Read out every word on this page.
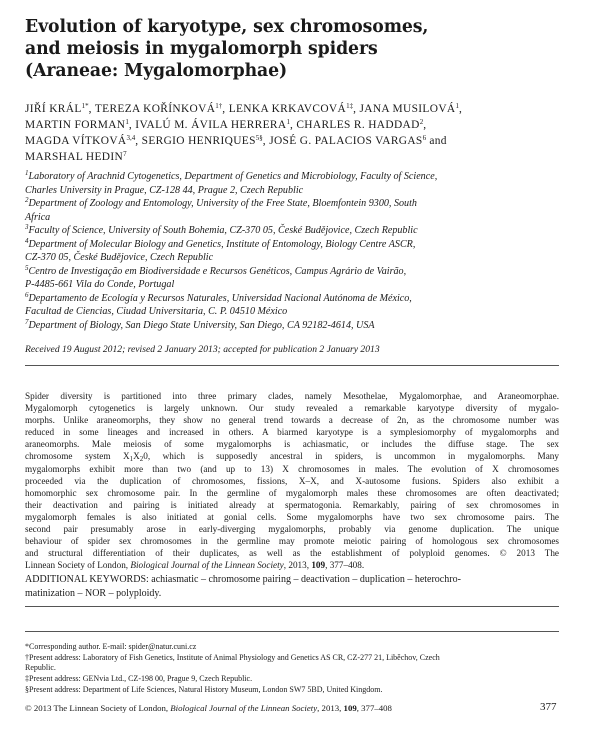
Evolution of karyotype, sex chromosomes,
and meiosis in mygalomorph spiders
(Araneae: Mygalomorphae)
JIŘÍ $KRÁL^{1*}$, TEREZA $KOŘÍNKOVÁ^{1\dagger}$, LENKA $KRKAVCOVÁ^{1\ddagger}$, JANA MUSILOVÁ$^1$,
MARTIN FORMAN$^1$, IVALÚ M. ÁVILA HERRERA$^1$, CHARLES R. HADDAD$^2$,
MAGDA VÍTKOVÁ$^{3,4}$, SERGIO $HENRIQUES^{5\S}$, JOSÉ G. PALACIOS VARGAS$^6$ and
MARSHAL HEDIN$^7$
$^1$Laboratory of Arachnid Cytogenetics, Department of Genetics and Microbiology, Faculty of Science,
Charles University in Prague, CZ-128 44, Prague 2, Czech Republic
$^2$Department of Zoology and Entomology, University of the Free State, Bloemfontein 9300, South
Africa
$^3$Faculty of Science, University of South Bohemia, CZ-370 05, České Budějovice, Czech Republic
$^4$Department of Molecular Biology and Genetics, Institute of Entomology, Biology Centre ASCR,
CZ-370 05, České Budějovice, Czech Republic
$^5$Centro de Investigação em Biodiversidade e Recursos Genéticos, Campus Agrário de Vairão,
P-4485-661 Vila do Conde, Portugal
$^6$Departamento de Ecología y Recursos Naturales, Universidad Nacional Autónoma de México,
Facultad de Ciencias, Ciudad Universitaria, C. P. 04510 México
$^7$Department of Biology, San Diego State University, San Diego, CA 92182-4614, USA
Received 19 August 2012; revised 2 January 2013; accepted for publication 2 January 2013
Spider diversity is partitioned into three primary clades, namely Mesothelae, Mygalomorphae, and Araneomorphae.
Mygalomorph cytogenetics is largely unknown. Our study revealed a remarkable karyotype diversity of mygalo-
morphs. Unlike araneomorphs, they show no general trend towards a decrease of 2n, as the chromosome number was
reduced in some lineages and increased in others. A biarmed karyotype is a symplesiomorphy of mygalomorphs and
araneomorphs. Male meiosis of some mygalomorphs is achiasmatic, or includes the diffuse stage. The sex
chromosome system $X_1X_20$, which is supposedly ancestral in spiders, is uncommon in mygalomorphs. Many
mygalomorphs exhibit more than two (and up to 13) X chromosomes in males. The evolution of X chromosomes
proceeded via the duplication of chromosomes, fissions, X–X, and X-autosome fusions. Spiders also exhibit a
homomorphic sex chromosome pair. In the germline of mygalomorph males these chromosomes are often deactivated;
their deactivation and pairing is initiated already at spermatogonia. Remarkably, pairing of sex chromosomes in
mygalomorph females is also initiated at gonial cells. Some mygalomorphs have two sex chromosome pairs. The
second pair presumably arose in early-diverging mygalomorphs, probably via genome duplication. The unique
behaviour of spider sex chromosomes in the germline may promote meiotic pairing of homologous sex chromosomes
and structural differentiation of their duplicates, as well as the establishment of polyploid genomes. © 2013 The
Linnean Society of London, Biological Journal of the Linnean Society, 2013, 109, 377–408.
ADDITIONAL KEYWORDS: achiasmatic – chromosome pairing – deactivation – duplication – heterochro-
matinization – NOR – polyploidy.
*Corresponding author. E-mail: spider@natur.cuni.cz
†Present address: Laboratory of Fish Genetics, Institute of Animal Physiology and Genetics AS CR, CZ-277 21, Liběchov, Czech
Republic.
‡Present address: GENvia Ltd., CZ-198 00, Prague 9, Czech Republic.
§Present address: Department of Life Sciences, Natural History Museum, London SW7 5BD, United Kingdom.
© 2013 The Linnean Society of London, Biological Journal of the Linnean Society, 2013, 109, 377–408	377
